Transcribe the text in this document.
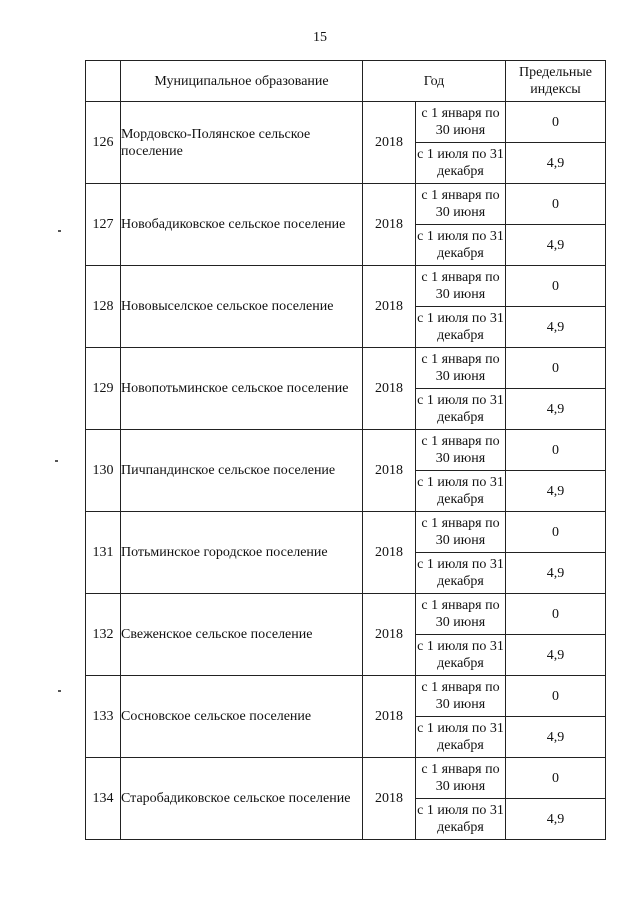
15
	Муниципальное образование	Год		Предельные индексы
126	Мордовско-Полянское сельское поселение	2018	с 1 января по 30 июня	0
			с 1 июля по 31 декабря	4,9
127	Новобадиковское сельское поселение	2018	с 1 января по 30 июня	0
			с 1 июля по 31 декабря	4,9
128	Нововыселское сельское поселение	2018	с 1 января по 30 июня	0
			с 1 июля по 31 декабря	4,9
129	Новопотьминское сельское поселение	2018	с 1 января по 30 июня	0
			с 1 июля по 31 декабря	4,9
130	Пичпандинское сельское поселение	2018	с 1 января по 30 июня	0
			с 1 июля по 31 декабря	4,9
131	Потьминское городское поселение	2018	с 1 января по 30 июня	0
			с 1 июля по 31 декабря	4,9
132	Свеженское сельское поселение	2018	с 1 января по 30 июня	0
			с 1 июля по 31 декабря	4,9
133	Сосновское сельское поселение	2018	с 1 января по 30 июня	0
			с 1 июля по 31 декабря	4,9
134	Старобадиковское сельское поселение	2018	с 1 января по 30 июня	0
			с 1 июля по 31 декабря	4,9
